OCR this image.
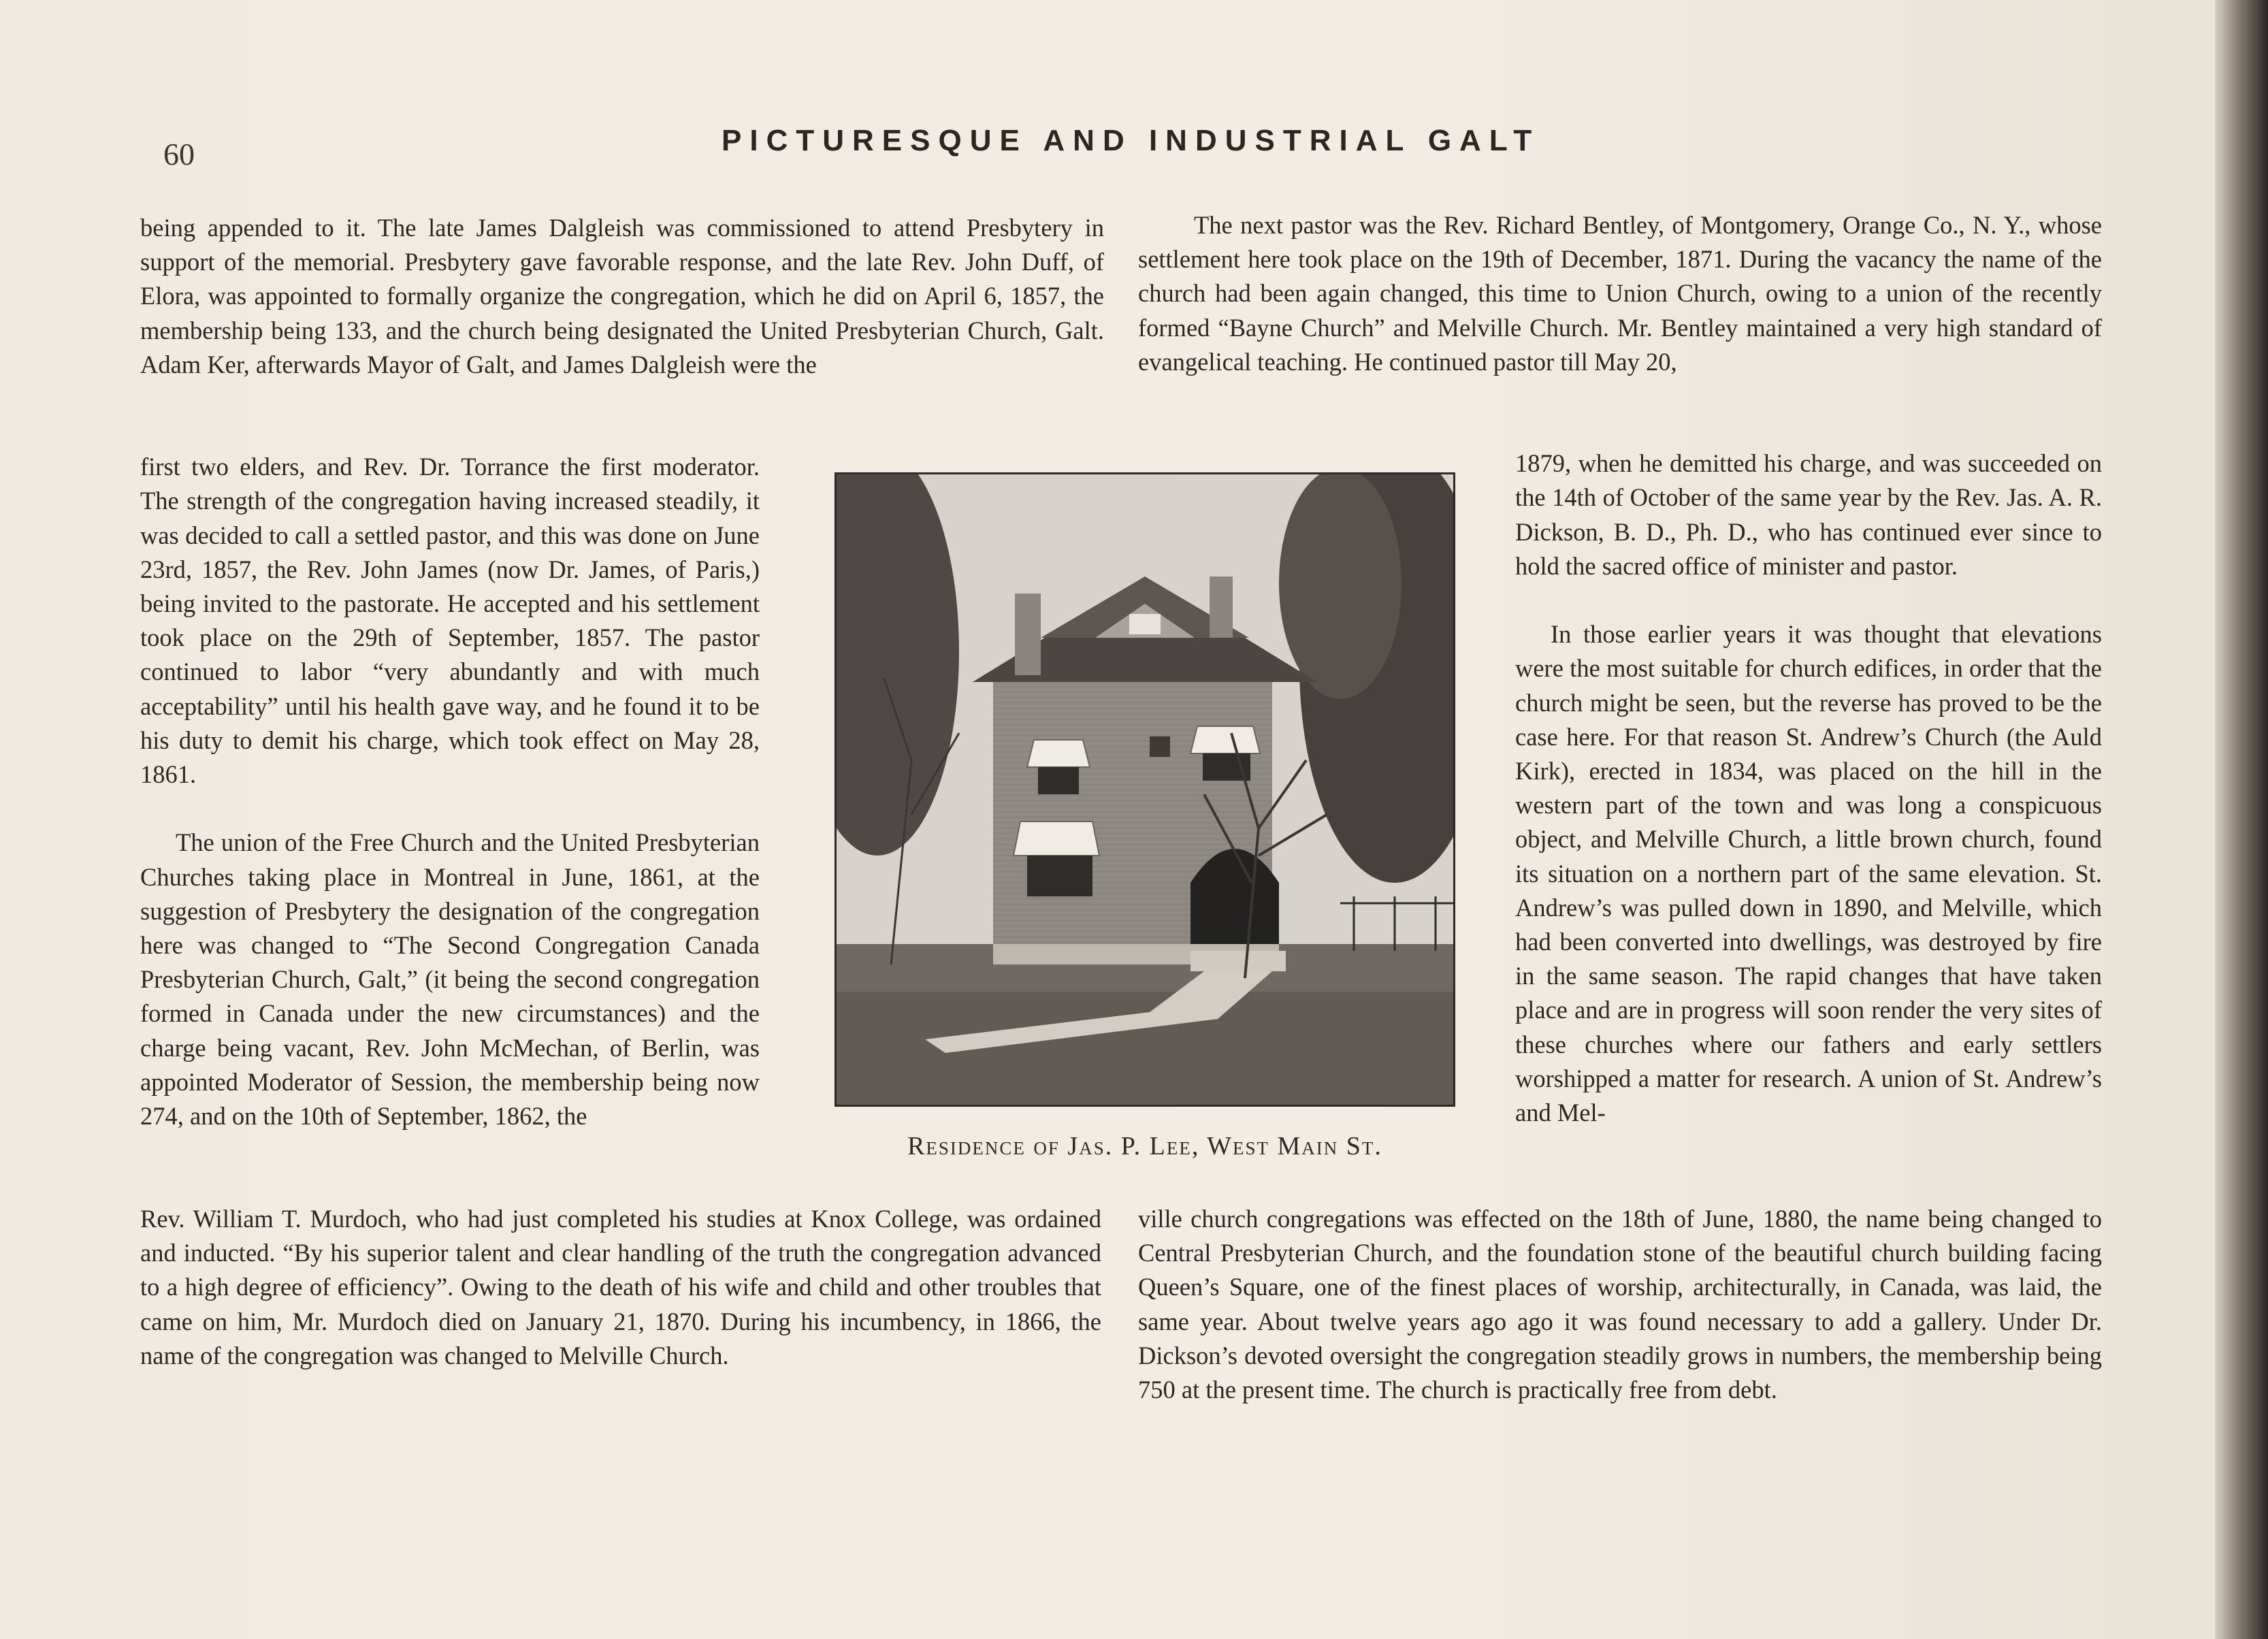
60	PICTURESQUE AND INDUSTRIAL GALT
being appended to it. The late James Dalgleish was commissioned to attend Presbytery in support of the memorial. Presbytery gave favorable response, and the late Rev. John Duff, of Elora, was appointed to formally organize the congregation, which he did on April 6, 1857, the membership being 133, and the church being designated the United Presbyterian Church, Galt. Adam Ker, afterwards Mayor of Galt, and James Dalgleish were the

first two elders, and Rev. Dr. Torrance the first moderator. The strength of the congregation having increased steadily, it was decided to call a settled pastor, and this was done on June 23rd, 1857, the Rev. John James (now Dr. James, of Paris,) being invited to the pastorate. He accepted and his settlement took place on the 29th of September, 1857. The pastor continued to labor “very abundantly and with much acceptability” until his health gave way, and he found it to be his duty to demit his charge, which took effect on May 28, 1861.

The union of the Free Church and the United Presbyterian Churches taking place in Montreal in June, 1861, at the suggestion of Presbytery the designation of the congregation here was changed to “The Second Congregation Canada Presbyterian Church, Galt,” (it being the second congregation formed in Canada under the new circumstances) and the charge being vacant, Rev. John McMechan, of Berlin, was appointed Moderator of Session, the membership being now 274, and on the 10th of September, 1862, the

Rev. William T. Murdoch, who had just completed his studies at Knox College, was ordained and inducted. “By his superior talent and clear handling of the truth the congregation advanced to a high degree of efficiency”. Owing to the death of his wife and child and other troubles that came on him, Mr. Murdoch died on January 21, 1870. During his incumbency, in 1866, the name of the congregation was changed to Melville Church.
The next pastor was the Rev. Richard Bentley, of Montgomery, Orange Co., N. Y., whose settlement here took place on the 19th of December, 1871. During the vacancy the name of the church had been again changed, this time to Union Church, owing to a union of the recently formed “Bayne Church” and Melville Church. Mr. Bentley maintained a very high standard of evangelical teaching. He continued pastor till May 20,

1879, when he demitted his charge, and was succeeded on the 14th of October of the same year by the Rev. Jas. A. R. Dickson, B. D., Ph. D., who has continued ever since to hold the sacred office of minister and pastor.

In those earlier years it was thought that elevations were the most suitable for church edifices, in order that the church might be seen, but the reverse has proved to be the case here. For that reason St. Andrew’s Church (the Auld Kirk), erected in 1834, was placed on the hill in the western part of the town and was long a conspicuous object, and Melville Church, a little brown church, found its situation on a northern part of the same elevation. St. Andrew’s was pulled down in 1890, and Melville, which had been converted into dwellings, was destroyed by fire in the same season. The rapid changes that have taken place and are in progress will soon render the very sites of these churches where our fathers and early settlers worshipped a matter for research. A union of St. Andrew’s and Mel-

ville church congregations was effected on the 18th of June, 1880, the name being changed to Central Presbyterian Church, and the foundation stone of the beautiful church building facing Queen’s Square, one of the finest places of worship, architecturally, in Canada, was laid, the same year. About twelve years ago ago it was found necessary to add a gallery. Under Dr. Dickson’s devoted oversight the congregation steadily grows in numbers, the membership being 750 at the present time. The church is practically free from debt.
Residence of Jas. P. Lee, West Main St.
